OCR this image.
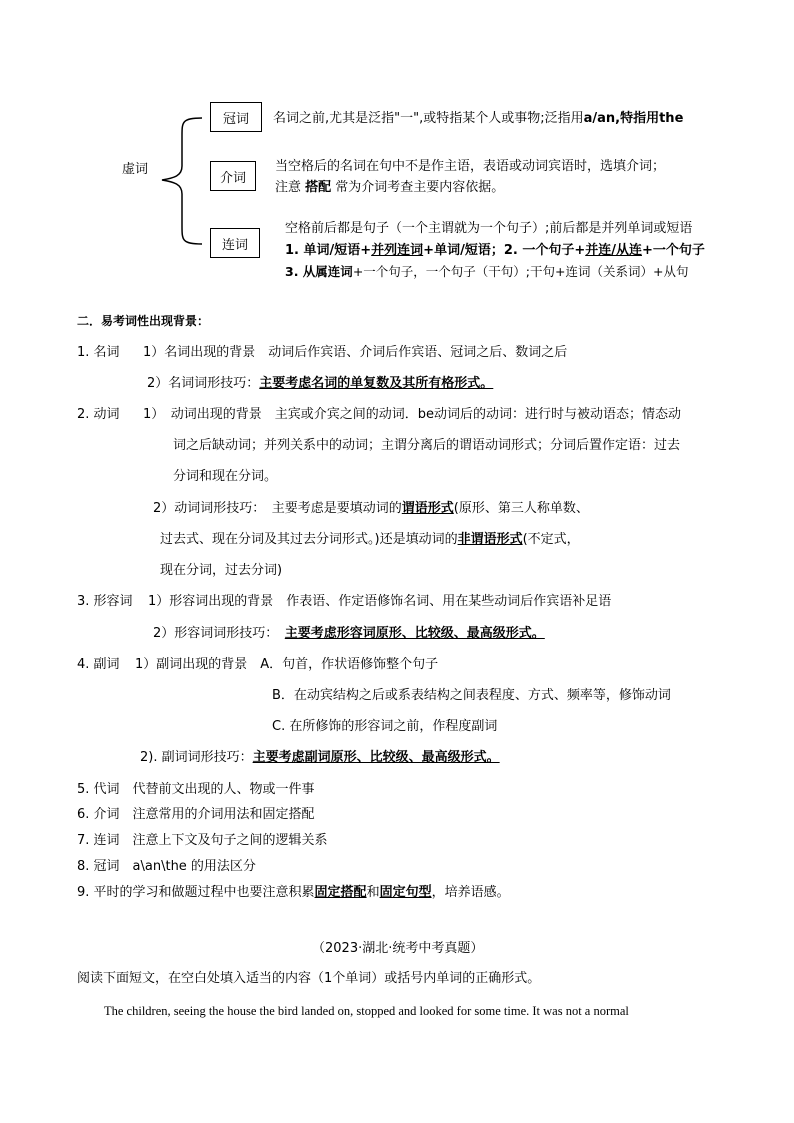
虚词
冠词	名词之前,尤其是泛指"一",或特指某个人或事物;泛指用a/an,特指用the
介词
当空格后的名词在句中不是作主语，表语或动词宾语时，选填介词；
注意 搭配 常为介词考查主要内容依据。
连词
空格前后都是句子（一个主谓就为一个句子）;前后都是并列单词或短语
1. 单词/短语+并列连词+单词/短语；2. 一个句子+并连/从连+一个句子
3. 从属连词+一个句子，一个句子（干句）;干句+连词（关系词）+从句
二．易考词性出现背景：
1. 名词 1）名词出现的背景　动词后作宾语、介词后作宾语、冠词之后、数词之后
2）名词词形技巧：主要考虑名词的单复数及其所有格形式。
2. 动词 1）　动词出现的背景　主宾或介宾之间的动词．be动词后的动词：进行时与被动语态；情态动
词之后缺动词；并列关系中的动词；主谓分离后的谓语动词形式；分词后置作定语：过去
分词和现在分词。
2）动词词形技巧：　主要考虑是要填动词的谓语形式(原形、第三人称单数、
过去式、现在分词及其过去分词形式。)还是填动词的非谓语形式(不定式，
现在分词，过去分词)
3. 形容词 1）形容词出现的背景　作表语、作定语修饰名词、用在某些动词后作宾语补足语
2）形容词词形技巧：　主要考虑形容词原形、比较级、最高级形式。
4. 副词 1）副词出现的背景　A．句首，作状语修饰整个句子
B．在动宾结构之后或系表结构之间表程度、方式、频率等，修饰动词
C. 在所修饰的形容词之前，作程度副词
2). 副词词形技巧：主要考虑副词原形、比较级、最高级形式。
5. 代词　代替前文出现的人、物或一件事
6. 介词　注意常用的介词用法和固定搭配
7. 连词　注意上下文及句子之间的逻辑关系
8. 冠词　a\an\the 的用法区分
9. 平时的学习和做题过程中也要注意积累固定搭配和固定句型，培养语感。
（2023·湖北·统考中考真题）
阅读下面短文，在空白处填入适当的内容（1个单词）或括号内单词的正确形式。
The children, seeing the house the bird landed on, stopped and looked for some time. It was not a normal
